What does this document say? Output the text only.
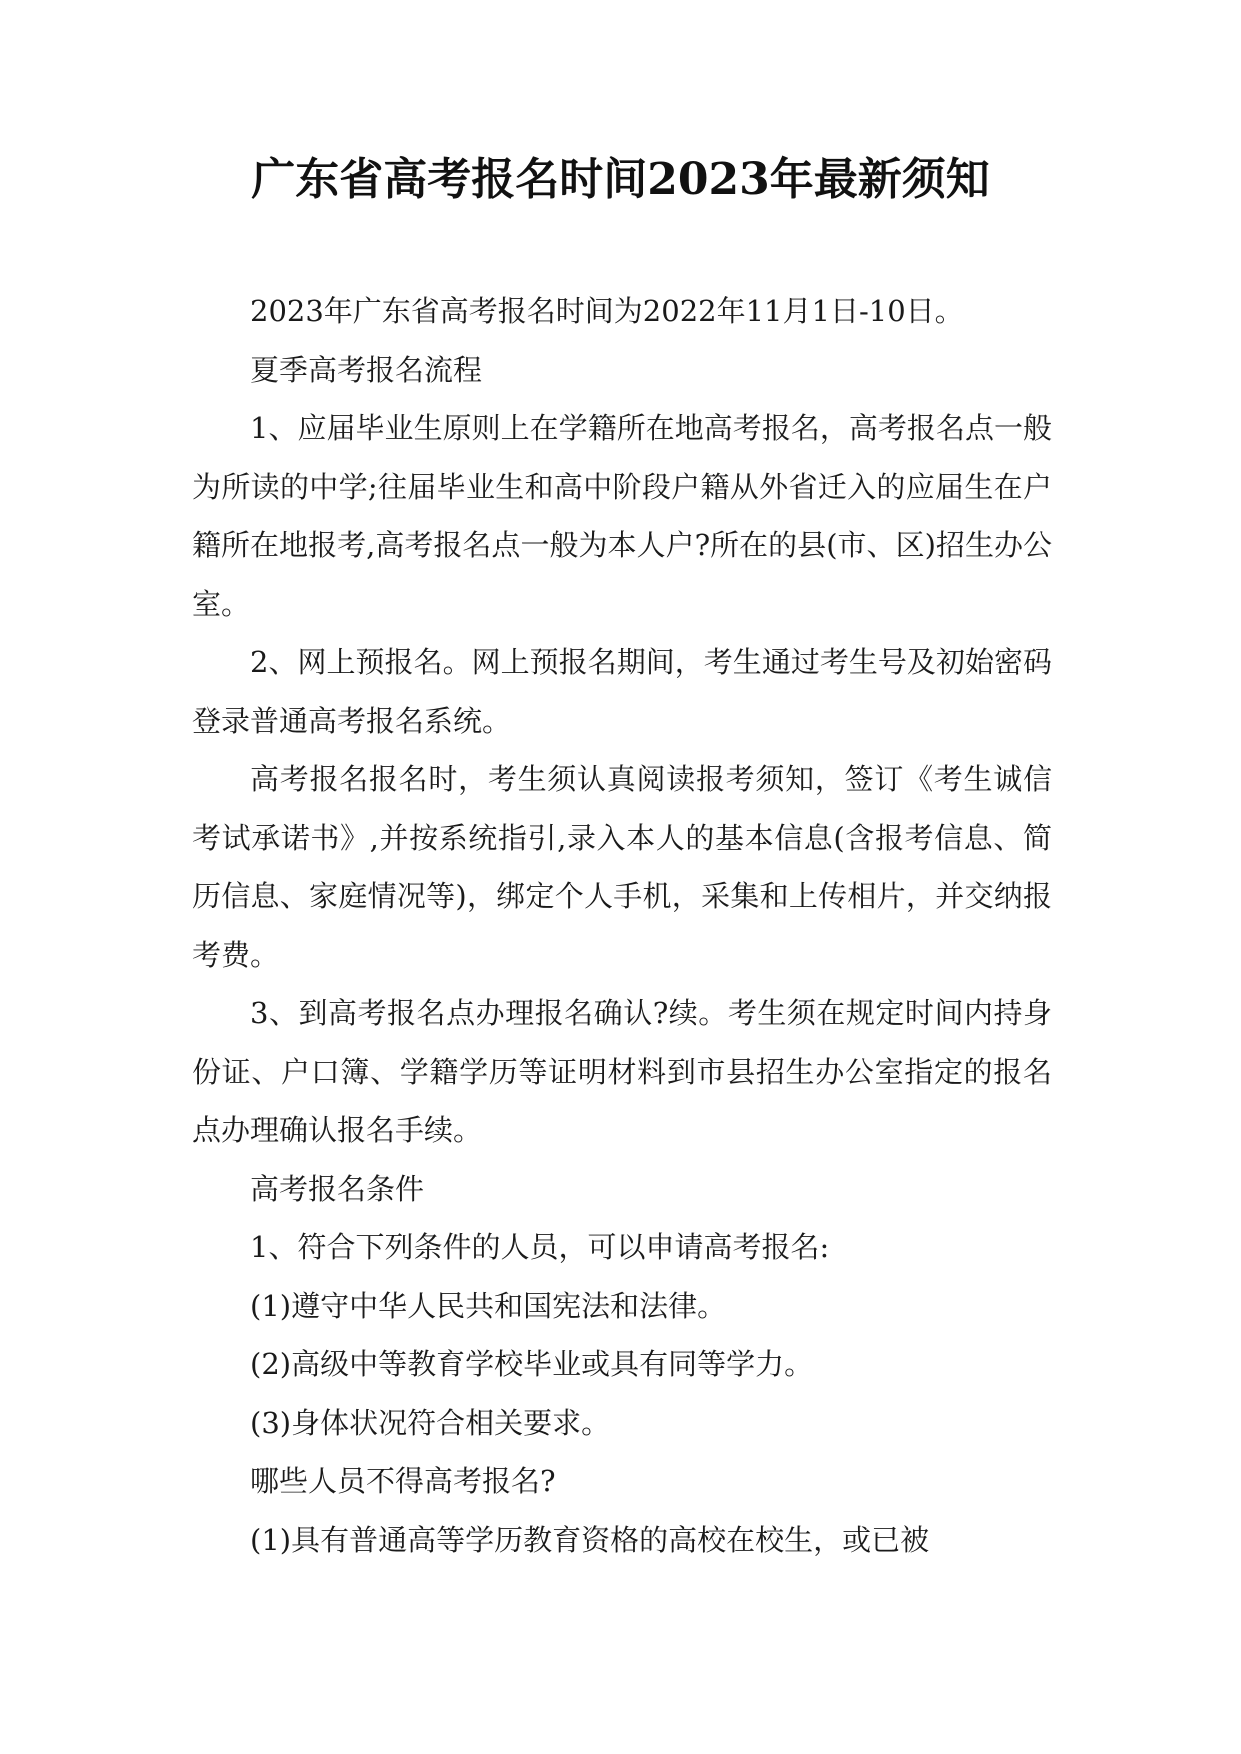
广东省高考报名时间2023年最新须知

2023年广东省高考报名时间为2022年11月1日-10日。

夏季高考报名流程

1、应届毕业生原则上在学籍所在地高考报名，高考报名点一般为所读的中学;往届毕业生和高中阶段户籍从外省迁入的应届生在户籍所在地报考,高考报名点一般为本人户?所在的县(市、区)招生办公室。

2、网上预报名。网上预报名期间，考生通过考生号及初始密码登录普通高考报名系统。

高考报名报名时，考生须认真阅读报考须知，签订《考生诚信考试承诺书》,并按系统指引,录入本人的基本信息(含报考信息、简历信息、家庭情况等)，绑定个人手机，采集和上传相片，并交纳报考费。

3、到高考报名点办理报名确认?续。考生须在规定时间内持身份证、户口簿、学籍学历等证明材料到市县招生办公室指定的报名点办理确认报名手续。

高考报名条件

1、符合下列条件的人员，可以申请高考报名:

(1)遵守中华人民共和国宪法和法律。

(2)高级中等教育学校毕业或具有同等学力。

(3)身体状况符合相关要求。

哪些人员不得高考报名?

(1)具有普通高等学历教育资格的高校在校生，或已被
